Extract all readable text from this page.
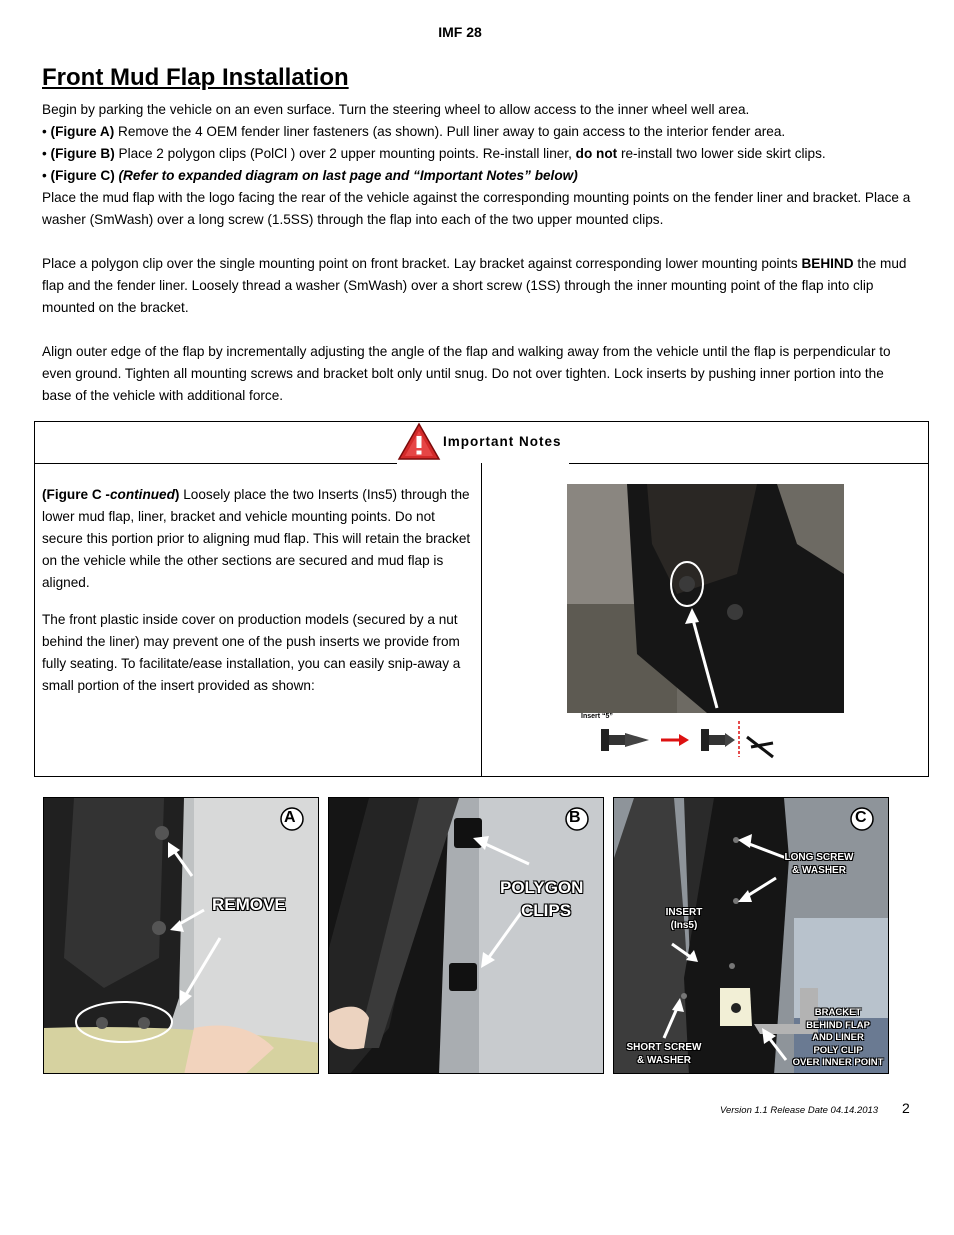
IMF 28
Front Mud Flap Installation

Begin by parking the vehicle on an even surface. Turn the steering wheel to allow access to the inner wheel well area.

• (Figure A) Remove the 4 OEM fender liner fasteners (as shown). Pull liner away to gain access to the interior fender area.

• (Figure B) Place 2 polygon clips (PolCl ) over 2 upper mounting points. Re-install liner, do not re-install two lower side skirt clips.

• (Figure C) (Refer to expanded diagram on last page and “Important Notes” below)

Place the mud flap with the logo facing the rear of the vehicle against the corresponding mounting points on the fender liner and bracket. Place a washer (SmWash) over a long screw (1.5SS) through the flap into each of the two upper mounted clips.

Place a polygon clip over the single mounting point on front bracket. Lay bracket against corresponding lower mounting points BEHIND the mud flap and the fender liner. Loosely thread a washer (SmWash) over a short screw (1SS) through the inner mounting point of the flap into clip mounted on the bracket.

Align outer edge of the flap by incrementally adjusting the angle of the flap and walking away from the vehicle until the flap is perpendicular to even ground. Tighten all mounting screws and bracket bolt only until snug. Do not over tighten. Lock inserts by pushing inner portion into the base of the vehicle with additional force.

Important Notes

(Figure C -continued) Loosely place the two Inserts (Ins5) through the lower mud flap, liner, bracket and vehicle mounting points. Do not secure this portion prior to aligning mud flap. This will retain the bracket on the vehicle while the other sections are secured and mud flap is aligned.

The front plastic inside cover on production models (secured by a nut behind the liner) may prevent one of the push inserts we provide from fully seating. To facilitate/ease installation, you can easily snip-away a small portion of the insert provided as shown:

Insert “5”
A
REMOVE
B
POLYGON
CLIPS
C
LONG SCREW
& WASHER
INSERT
(Ins5)
SHORT SCREW
& WASHER
BRACKET
BEHIND FLAP
AND LINER
POLY CLIP
OVER INNER POINT
Version 1.1 Release Date 04.14.2013 2
